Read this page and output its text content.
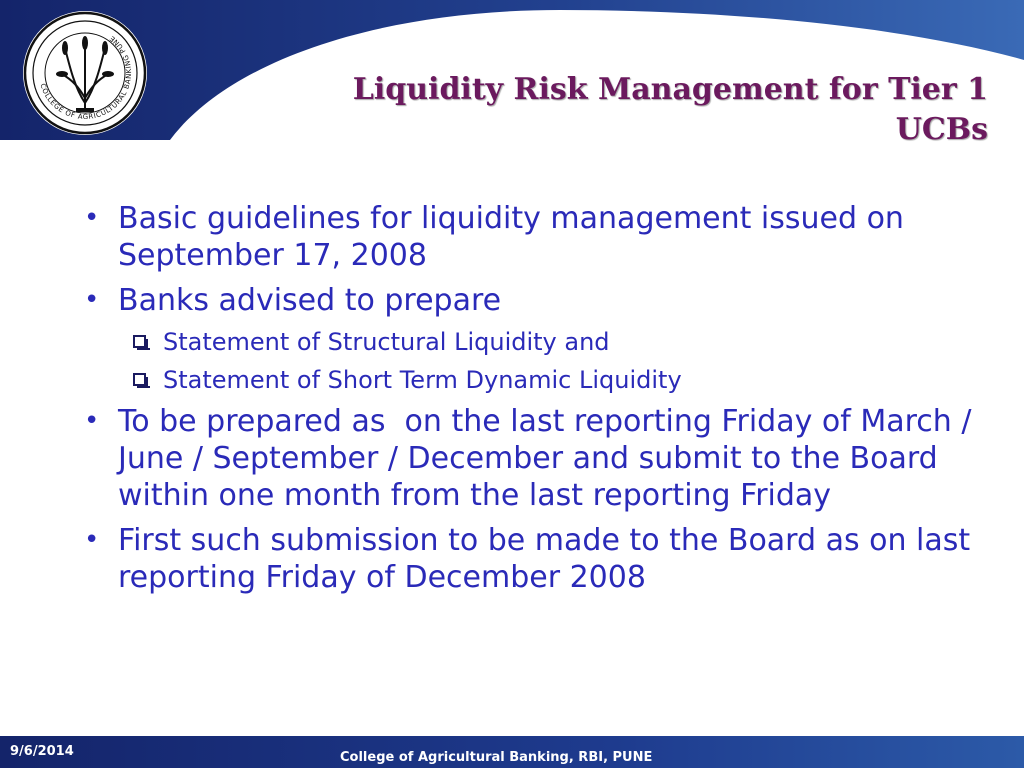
COLLEGE OF AGRICULTURAL BANKING PUNE
Liquidity Risk Management for Tier 1
UCBs
• Basic guidelines for liquidity management issued on September 17, 2008
• Banks advised to prepare
Statement of Structural Liquidity and
Statement of Short Term Dynamic Liquidity
• To be prepared as  on the last reporting Friday of March / June / September / December and submit to the Board within one month from the last reporting Friday
• First such submission to be made to the Board as on last reporting Friday of December 2008
9/6/2014	College of Agricultural Banking, RBI, PUNE
